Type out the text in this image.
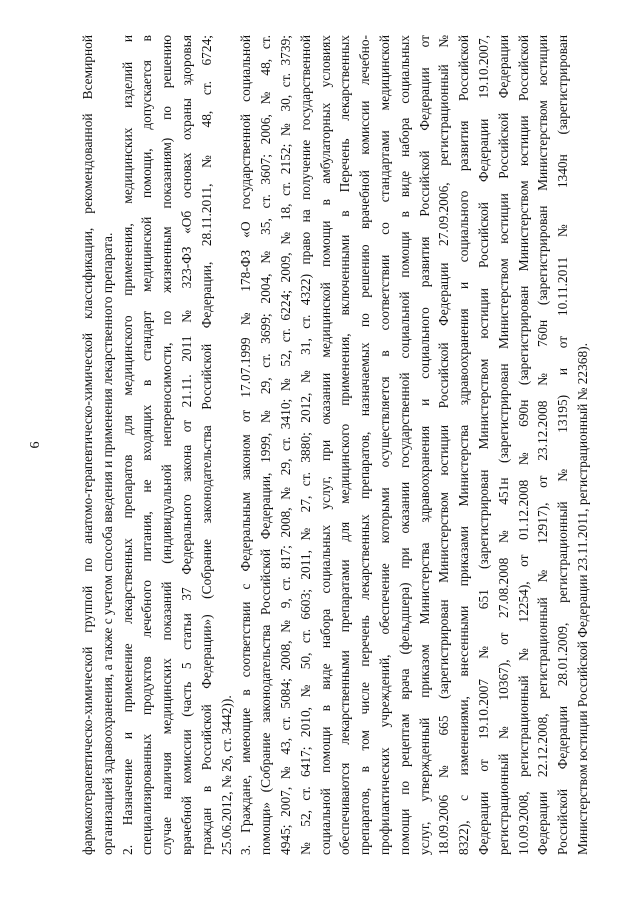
6	фармакотерапевтическо-химической группой по анатомо-терапевтическо-химической классификации, рекомендованной Всемирной организацией здравоохранения, а также с учетом способа введения и применения лекарственного препарата. 2. Назначение и применение лекарственных препаратов для медицинского применения, медицинских изделий и специализированных продуктов лечебного питания, не входящих в стандарт медицинской помощи, допускается в случае наличия медицинских показаний (индивидуальной непереносимости, по жизненным показаниям) по решению врачебной комиссии (часть 5 статьи 37 Федерального закона от 21.11. 2011 № 323-ФЗ «Об основах охраны здоровья граждан в Российской Федерации») (Собрание законодательства Российской Федерации, 28.11.2011, № 48, ст. 6724; 25.06.2012, № 26, ст. 3442)). 3. Граждане, имеющие в соответствии с Федеральным законом от 17.07.1999 № 178-ФЗ «О государственной социальной помощи» (Собрание законодательства Российской Федерации, 1999, № 29, ст. 3699; 2004, № 35, ст. 3607; 2006, № 48, ст. 4945; 2007, № 43, ст. 5084; 2008, № 9, ст. 817; 2008, № 29, ст. 3410; № 52, ст. 6224; 2009, № 18, ст. 2152; № 30, ст. 3739; № 52, ст. 6417; 2010, № 50, ст. 6603; 2011, № 27, ст. 3880; 2012, № 31, ст. 4322) право на получение государственной социальной помощи в виде набора социальных услуг, при оказании медицинской помощи в амбулаторных условиях обеспечиваются лекарственными препаратами для медицинского применения, включенными в Перечень лекарственных препаратов, в том числе перечень лекарственных препаратов, назначаемых по решению врачебной комиссии лечебно- профилактических учреждений, обеспечение которыми осуществляется в соответствии со стандартами медицинской помощи по рецептам врача (фельдшера) при оказании государственной социальной помощи в виде набора социальных услуг, утвержденный приказом Министерства здравоохранения и социального развития Российской Федерации от 18.09.2006 № 665 (зарегистрирован Министерством юстиции Российской Федерации 27.09.2006, регистрационный № 8322), с изменениями, внесенными приказами Министерства здравоохранения и социального развития Российской Федерации от 19.10.2007 № 651 (зарегистрирован Министерством юстиции Российской Федерации 19.10.2007, регистрационный № 10367), от 27.08.2008 № 451н (зарегистрирован Министерством юстиции Российской Федерации 10.09.2008, регистрационный № 12254), от 01.12.2008 № 690н (зарегистрирован Министерством юстиции Российской Федерации 22.12.2008, регистрационный № 12917), от 23.12.2008 № 760н (зарегистрирован Министерством юстиции Российской Федерации 28.01.2009, регистрационный № 13195) и от 10.11.2011 № 1340н (зарегистрирован Министерством юстиции Российской Федерации 23.11.2011, регистрационный № 22368).
